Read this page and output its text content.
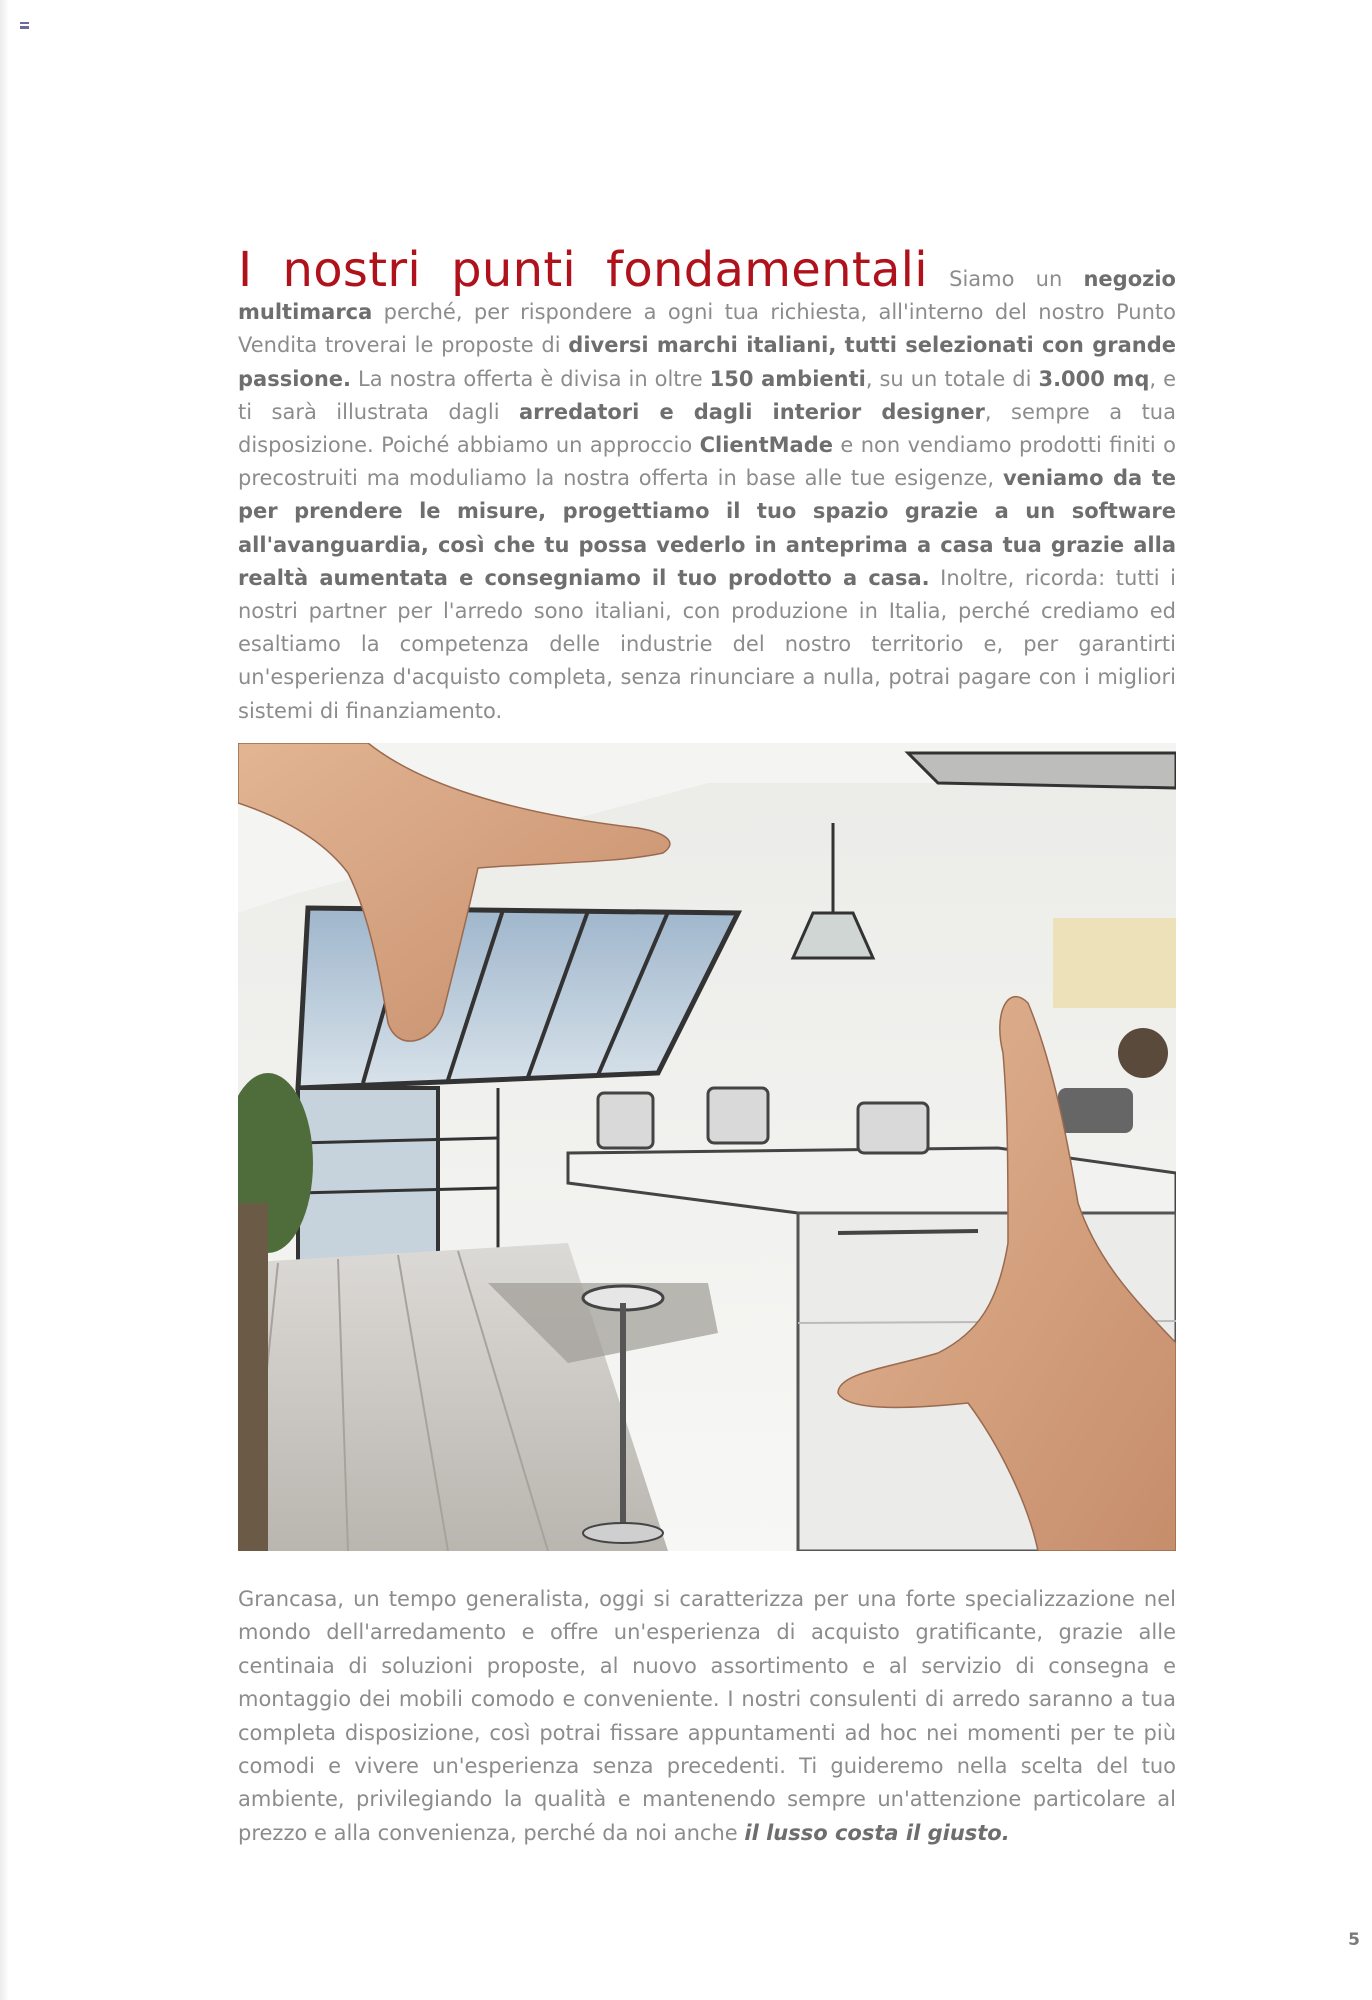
I nostri punti fondamentali Siamo un negozio multimarca perché, per rispondere a ogni tua richiesta, all'interno del nostro Punto Vendita troverai le proposte di diversi marchi italiani, tutti selezionati con grande passione. La nostra offerta è divisa in oltre 150 ambienti, su un totale di 3.000 mq, e ti sarà illustrata dagli arredatori e dagli interior designer, sempre a tua disposizione. Poiché abbiamo un approccio ClientMade e non vendiamo prodotti finiti o precostruiti ma moduliamo la nostra offerta in base alle tue esigenze, veniamo da te per prendere le misure, progettiamo il tuo spazio grazie a un software all'avanguardia, così che tu possa vederlo in anteprima a casa tua grazie alla realtà aumentata e consegniamo il tuo prodotto a casa. Inoltre, ricorda: tutti i nostri partner per l'arredo sono italiani, con produzione in Italia, perché crediamo ed esaltiamo la competenza delle industrie del nostro territorio e, per garantirti un'esperienza d'acquisto completa, senza rinunciare a nulla, potrai pagare con i migliori sistemi di finanziamento.
Grancasa, un tempo generalista, oggi si caratterizza per una forte specializzazione nel mondo dell'arredamento e offre un'esperienza di acquisto gratificante, grazie alle centinaia di soluzioni proposte, al nuovo assortimento e al servizio di consegna e montaggio dei mobili comodo e conveniente. I nostri consulenti di arredo saranno a tua completa disposizione, così potrai fissare appuntamenti ad hoc nei momenti per te più comodi e vivere un'esperienza senza precedenti. Ti guideremo nella scelta del tuo ambiente, privilegiando la qualità e mantenendo sempre un'attenzione particolare al prezzo e alla convenienza, perché da noi anche il lusso costa il giusto.
5
